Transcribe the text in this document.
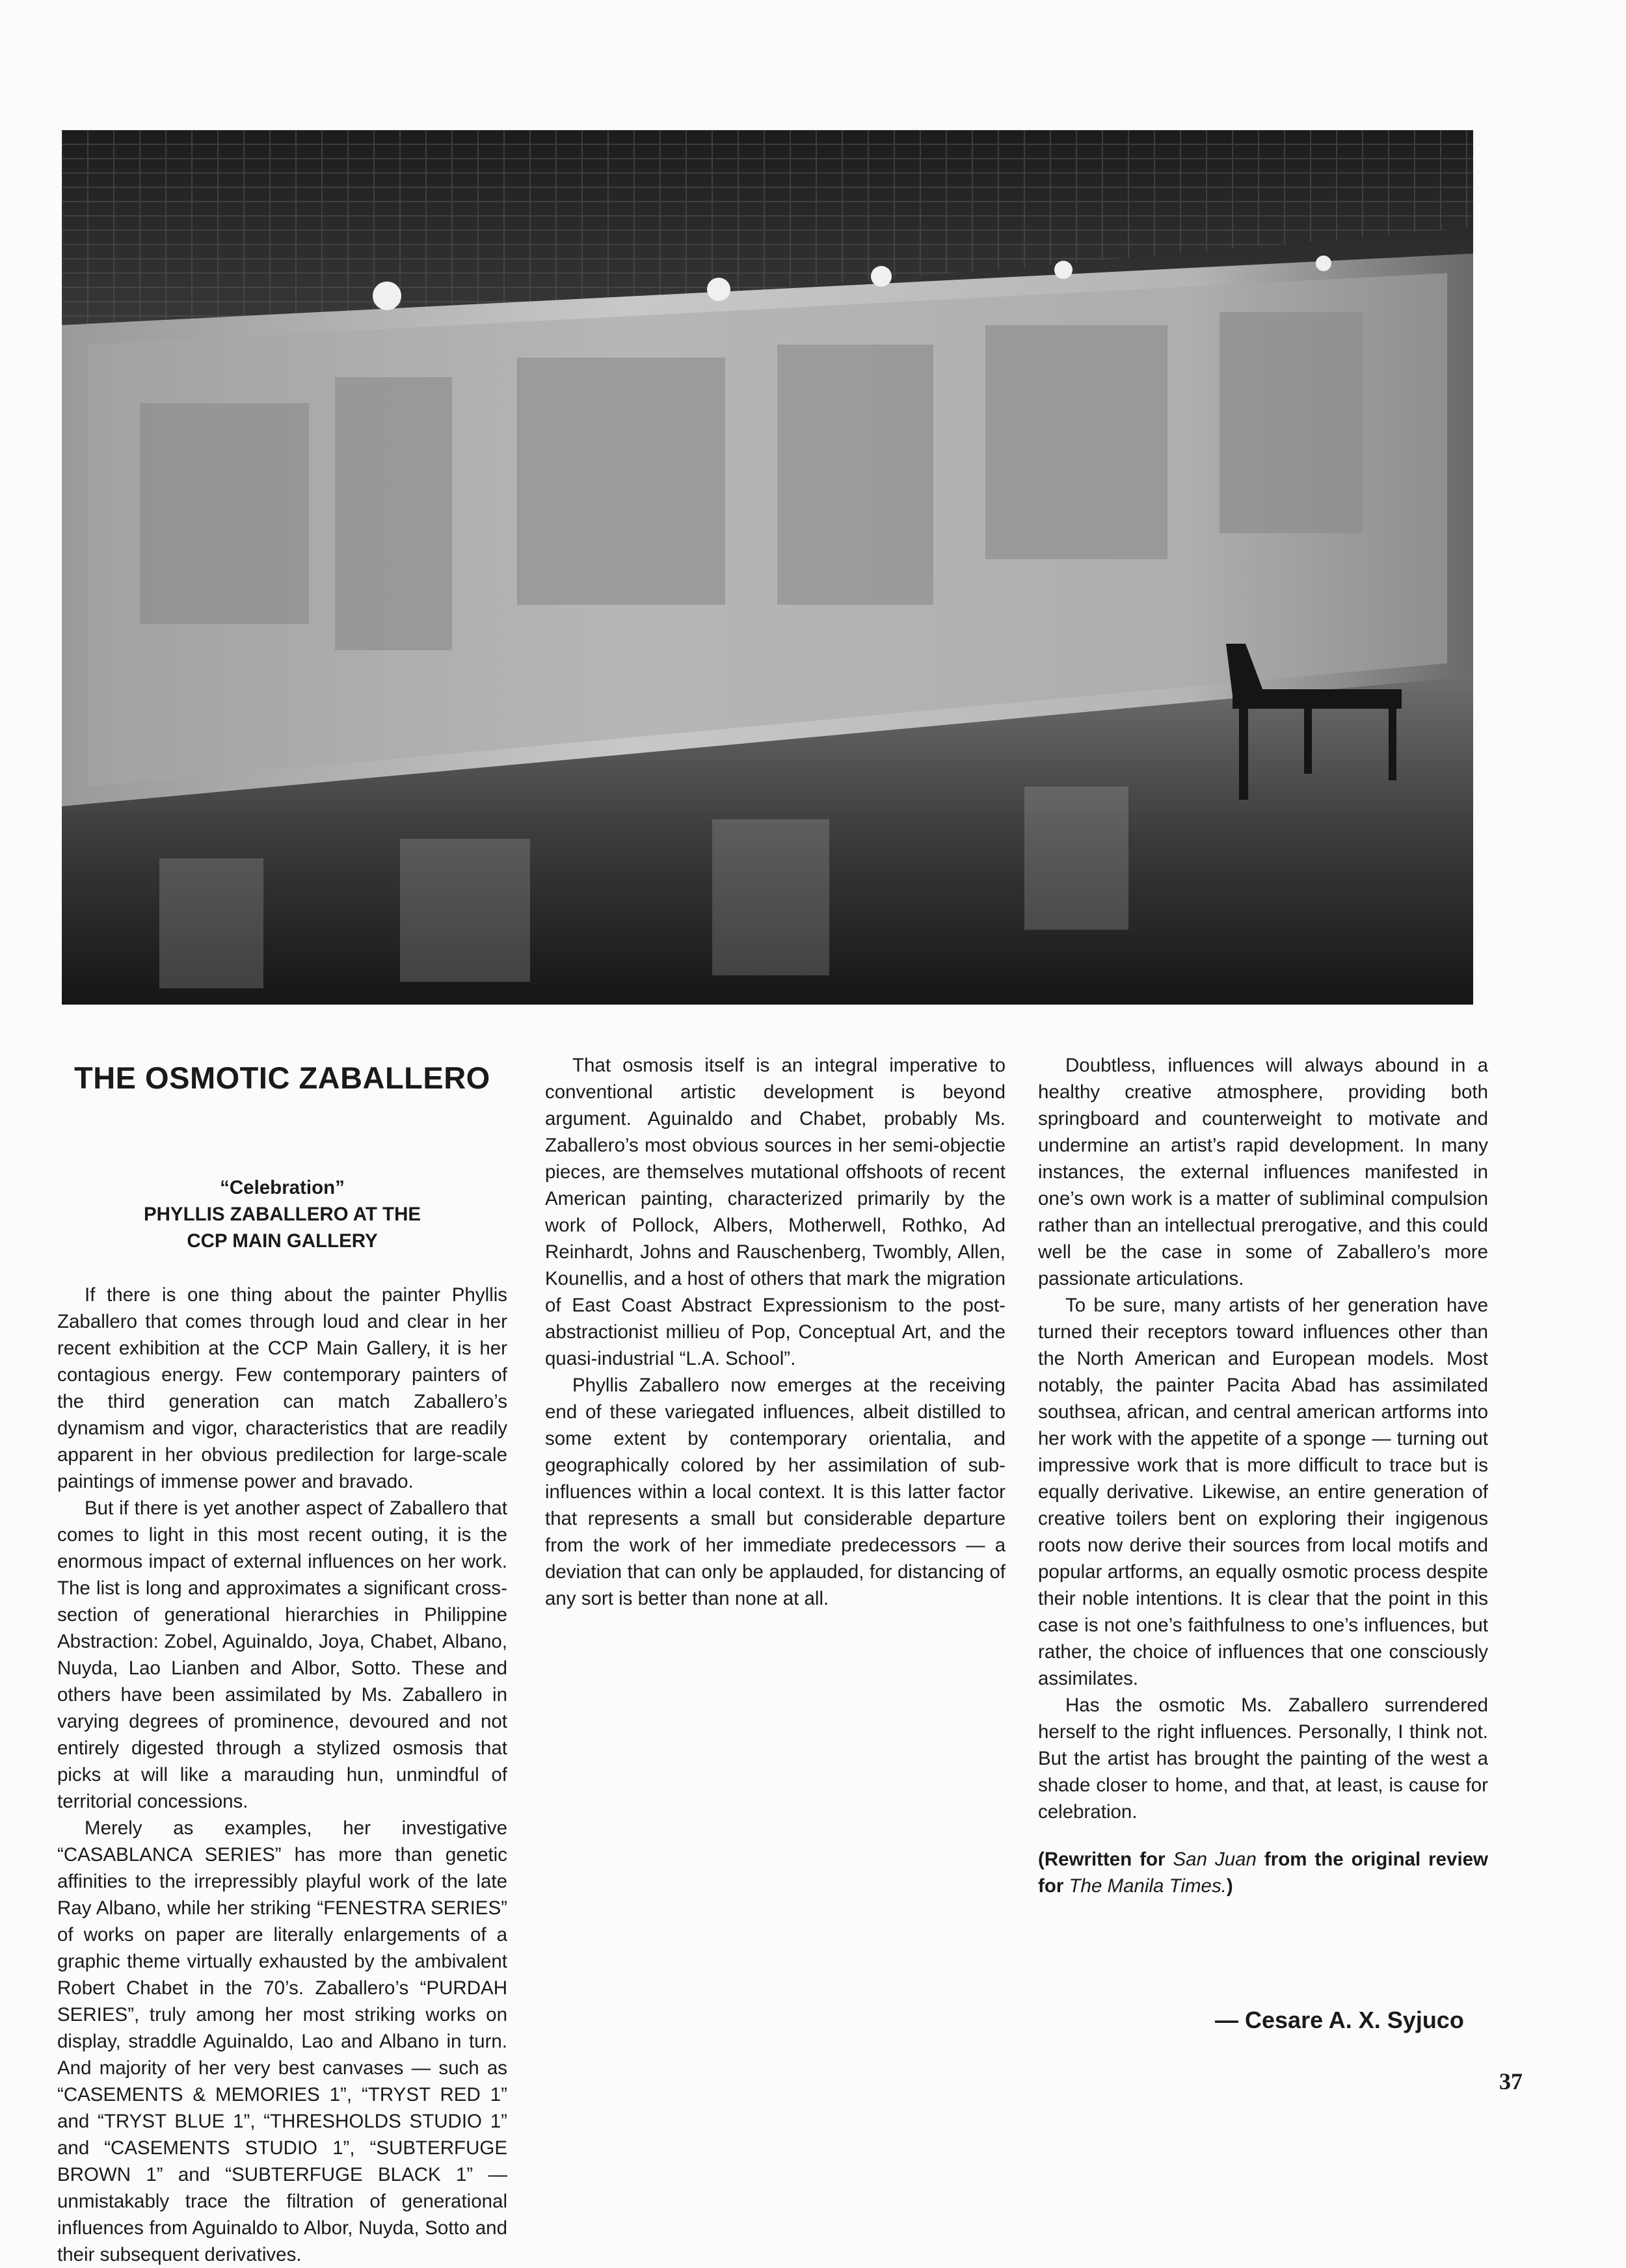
THE OSMOTIC ZABALLERO
“Celebration”
PHYLLIS ZABALLERO AT THE
CCP MAIN GALLERY

If there is one thing about the painter Phyllis Zaballero that comes through loud and clear in her recent exhibition at the CCP Main Gallery, it is her contagious energy. Few contemporary painters of the third generation can match Zaballero’s dynamism and vigor, characteristics that are readily apparent in her obvious predilection for large-scale paintings of immense power and bravado.

But if there is yet another aspect of Zaballero that comes to light in this most recent outing, it is the enormous impact of external influences on her work. The list is long and approximates a significant cross-section of generational hierarchies in Philippine Abstraction: Zobel, Aguinaldo, Joya, Chabet, Albano, Nuyda, Lao Lianben and Albor, Sotto. These and others have been assimilated by Ms. Zaballero in varying degrees of prominence, devoured and not entirely digested through a stylized osmosis that picks at will like a marauding hun, unmindful of territorial concessions.

Merely as examples, her investigative “CASABLANCA SERIES” has more than genetic affinities to the irrepressibly playful work of the late Ray Albano, while her striking “FENESTRA SERIES” of works on paper are literally enlargements of a graphic theme virtually exhausted by the ambivalent Robert Chabet in the 70’s. Zaballero’s “PURDAH SERIES”, truly among her most striking works on display, straddle Aguinaldo, Lao and Albano in turn. And majority of her very best canvases — such as “CASEMENTS & MEMORIES 1”, “TRYST RED 1” and “TRYST BLUE 1”, “THRESHOLDS STUDIO 1” and “CASEMENTS STUDIO 1”, “SUBTERFUGE BROWN 1” and “SUBTERFUGE BLACK 1” — unmistakably trace the filtration of generational influences from Aguinaldo to Albor, Nuyda, Sotto and their subsequent derivatives.

That osmosis itself is an integral imperative to conventional artistic development is beyond argument. Aguinaldo and Chabet, probably Ms. Zaballero’s most obvious sources in her semi-objectie pieces, are themselves mutational offshoots of recent American painting, characterized primarily by the work of Pollock, Albers, Motherwell, Rothko, Ad Reinhardt, Johns and Rauschenberg, Twombly, Allen, Kounellis, and a host of others that mark the migration of East Coast Abstract Expressionism to the post-abstractionist millieu of Pop, Conceptual Art, and the quasi-industrial “L.A. School”.

Phyllis Zaballero now emerges at the receiving end of these variegated influences, albeit distilled to some extent by contemporary orientalia, and geographically colored by her assimilation of sub-influences within a local context. It is this latter factor that represents a small but considerable departure from the work of her immediate predecessors — a deviation that can only be applauded, for distancing of any sort is better than none at all.

Doubtless, influences will always abound in a healthy creative atmosphere, providing both springboard and counterweight to motivate and undermine an artist’s rapid development. In many instances, the external influences manifested in one’s own work is a matter of subliminal compulsion rather than an intellectual prerogative, and this could well be the case in some of Zaballero’s more passionate articulations.

To be sure, many artists of her generation have turned their receptors toward influences other than the North American and European models. Most notably, the painter Pacita Abad has assimilated southsea, african, and central american artforms into her work with the appetite of a sponge — turning out impressive work that is more difficult to trace but is equally derivative. Likewise, an entire generation of creative toilers bent on exploring their ingigenous roots now derive their sources from local motifs and popular artforms, an equally osmotic process despite their noble intentions. It is clear that the point in this case is not one’s faithfulness to one’s influences, but rather, the choice of influences that one consciously assimilates.

Has the osmotic Ms. Zaballero surrendered herself to the right influences. Personally, I think not. But the artist has brought the painting of the west a shade closer to home, and that, at least, is cause for celebration.

(Rewritten for San Juan from the original review for The Manila Times.)
— Cesare A. X. Syjuco
37
